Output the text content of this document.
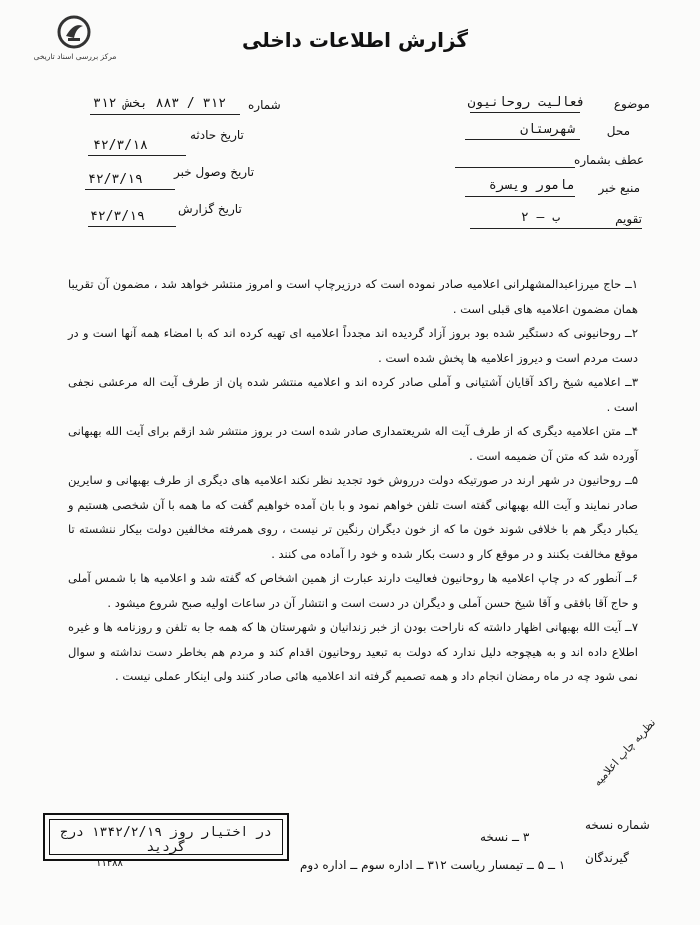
مرکز بررسی اسناد تاریخی
گزارش اطلاعات داخلی
موضوع
فعالیت روحانیون
محل
شهرستان
عطف بشماره
منبع خبر
مامور ویسرة
تقویم
ب — ۲
شماره
۳۱۲ / ۸۸۳ بخش ۳۱۲
تاریخ حادثه
۴۲/۳/۱۸
تاریخ وصول خبر
۴۲/۳/۱۹
تاریخ گزارش
۴۲/۳/۱۹

۱ــ حاج میرزاعبدالمشهلرانی اعلامیه صادر نموده است که درزیرچاپ است و امروز منتشر خواهد شد ، مضمون آن تقریبا همان مضمون اعلامیه های قبلی است .

۲ــ روحانیونی که دستگیر شده بود بروز آزاد گردیده اند مجدداً اعلامیه ای تهیه کرده اند که با امضاء همه آنها است و در دست مردم است و دیروز اعلامیه ها پخش شده است .

۳ــ اعلامیه شیخ راکد آقایان آشتیانی و آملی صادر کرده اند و اعلامیه منتشر شده پان از طرف آیت اله مرعشی نجفی است .

۴ــ متن اعلامیه دیگری که از طرف آیت اله شریعتمداری صادر شده است در بروز منتشر شد ازقم برای آیت الله بهبهانی آورده شد که متن آن ضمیمه است .

۵ــ روحانیون در شهر ارند در صورتیکه دولت درروش خود تجدید نظر نکند اعلامیه های دیگری از طرف بهبهانی و سایرین صادر نمایند و آیت الله بهبهانی گفته است تلفن خواهم نمود و با بان آمده خواهیم گفت که ما همه با آن شخصی هستیم و یکبار دیگر هم با خلافی شوند خون ما که از خون دیگران رنگین تر نیست ، روی همرفته مخالفین دولت بیکار ننشسته تا موقع مخالفت بکنند و در موقع کار و دست بکار شده و خود را آماده می کنند .

۶ــ آنطور که در چاپ اعلامیه ها روحانیون فعالیت دارند عبارت از همین اشخاص که گفته شد و اعلامیه ها با شمس آملی و حاج آقا بافقی و آقا شیخ حسن آملی و دیگران در دست است و انتشار آن در ساعات اولیه صبح شروع میشود .

۷ــ آیت الله بهبهانی اظهار داشته که ناراحت بودن از خبر زندانیان و شهرستان ها که همه جا به تلفن و روزنامه ها و غیره اطلاع داده اند و به هیچوجه دلیل ندارد که دولت به تبعید روحانیون اقدام کند و مردم هم بخاطر دست نداشته و سوال نمی شود چه در ماه رمضان انجام داد و همه تصمیم گرفته اند اعلامیه هائی صادر کنند ولی اینکار عملی نیست .

نظریه چاپ اعلامیه
در اختیار روز ۱۳۴۲/۲/۱۹ درج گردید
۱۱۴۸۸
شماره نسخه
۳ ــ نسخه
گیرندگان
۱ ــ ۵ ــ تیمسار ریاست ۳۱۲ ــ اداره سوم ــ اداره دوم
